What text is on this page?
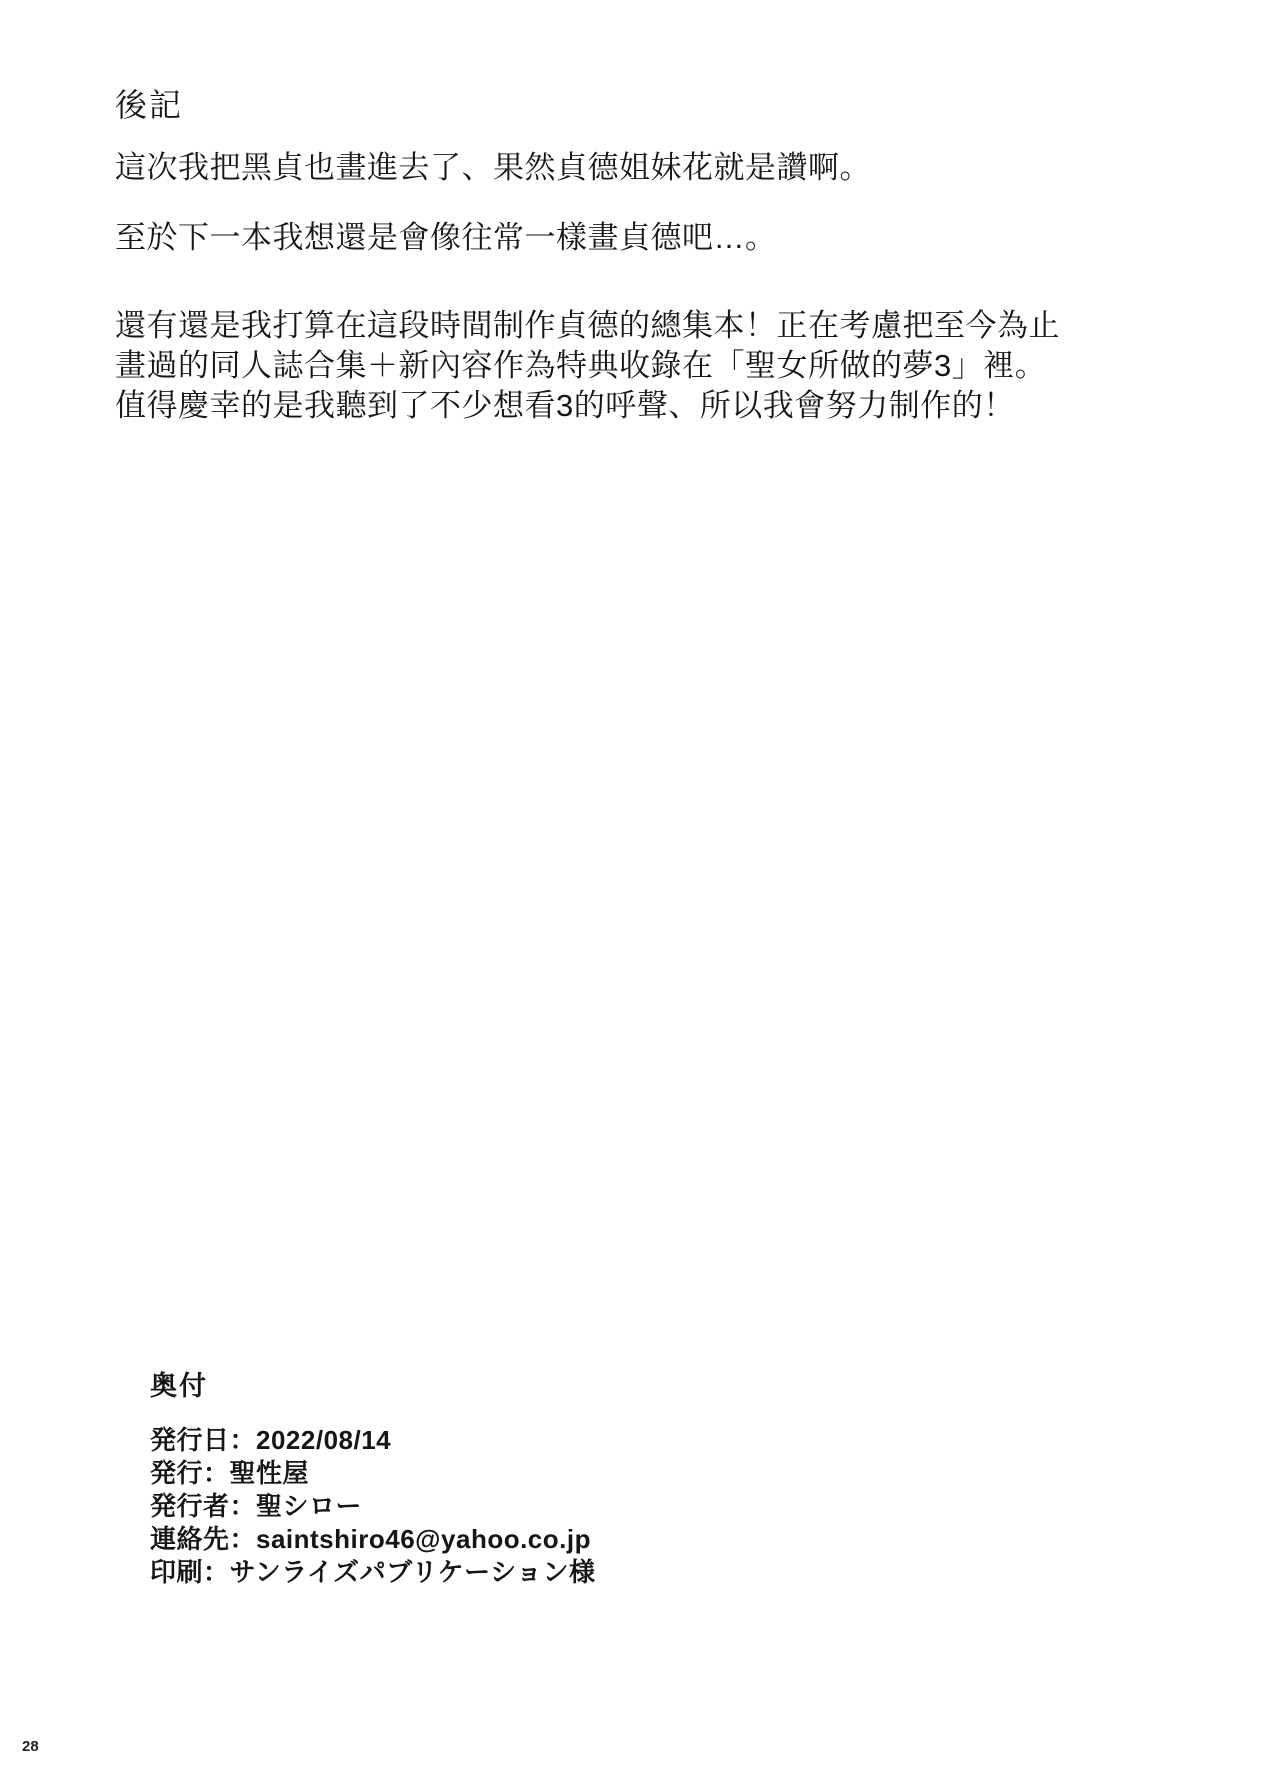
後記
這次我把黑貞也畫進去了、果然貞德姐妹花就是讚啊。
至於下一本我想還是會像往常一樣畫貞德吧…。
還有還是我打算在這段時間制作貞德的總集本！正在考慮把至今為止
畫過的同人誌合集＋新內容作為特典收錄在「聖女所做的夢3」裡。
值得慶幸的是我聽到了不少想看3的呼聲、所以我會努力制作的！
奥付
発行日：2022/08/14
発行：聖性屋
発行者：聖シロー
連絡先：saintshiro46@yahoo.co.jp
印刷：サンライズパブリケーション様
28
